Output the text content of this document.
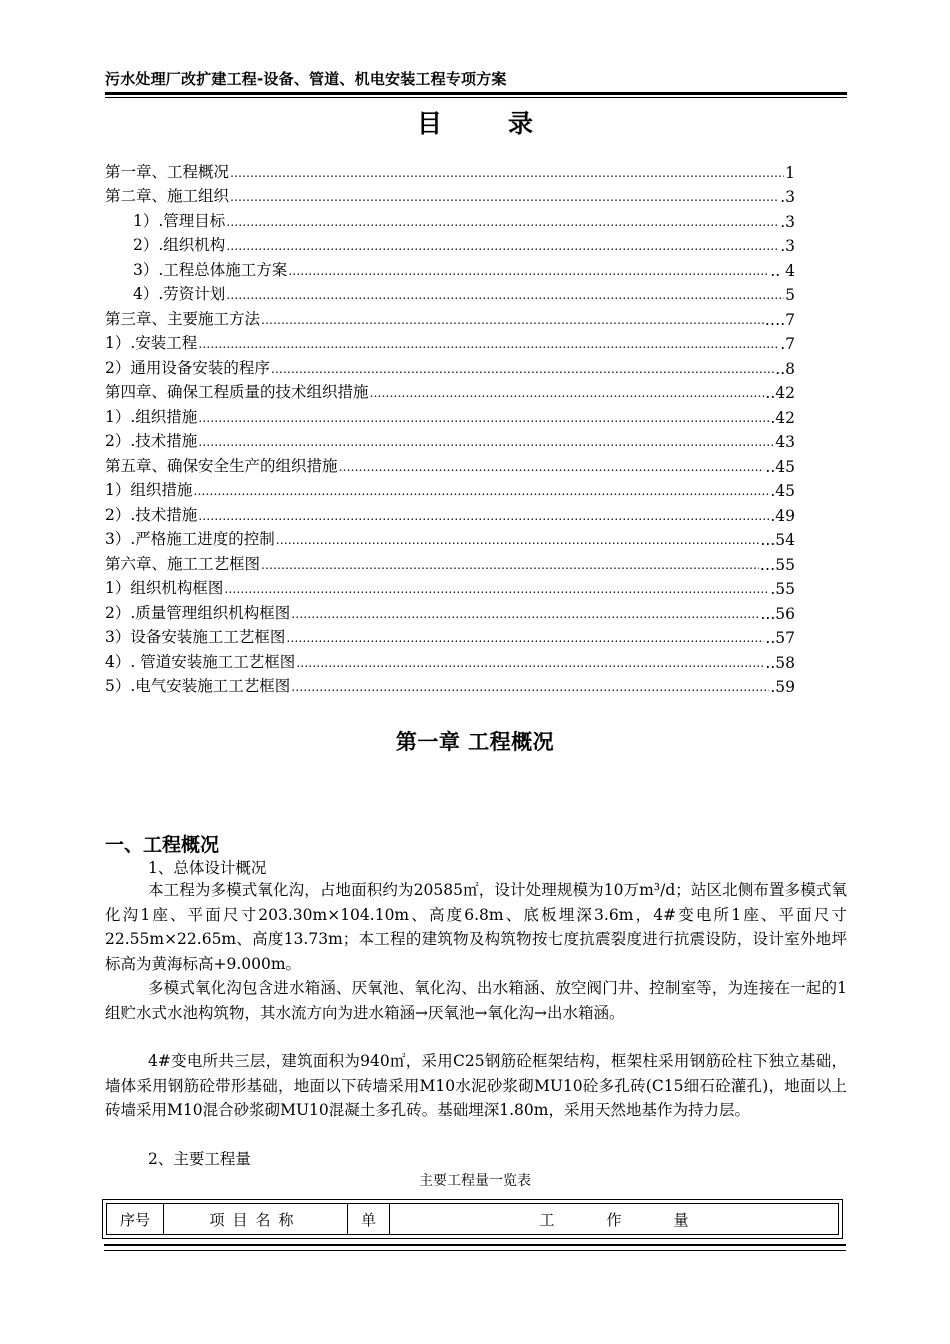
污水处理厂改扩建工程-设备、管道、机电安装工程专项方案
目录
第一章、工程概况 ………………………………………………………………………………………………………………………………………………………………………………	1
第二章、施工组织 ………………………………………………………………………………………………………………………………………………………………………………	.3
1）.管理目标 ………………………………………………………………………………………………………………………………………………………………………………	.3
2）.组织机构 ………………………………………………………………………………………………………………………………………………………………………………	.3
3）.工程总体施工方案 ………………………………………………………………………………………………………………………………………………………………………………	.. 4
4）.劳资计划 ………………………………………………………………………………………………………………………………………………………………………………	5
第三章、主要施工方法 ………………………………………………………………………………………………………………………………………………………………………………	….7
1）.安装工程 ………………………………………………………………………………………………………………………………………………………………………………	.7
2）通用设备安装的程序 ………………………………………………………………………………………………………………………………………………………………………………	..8
第四章、确保工程质量的技术组织措施 ………………………………………………………………………………………………………………………………………………………………………………	..42
1）.组织措施 ………………………………………………………………………………………………………………………………………………………………………………	.42
2）.技术措施 ………………………………………………………………………………………………………………………………………………………………………………	43
第五章、确保安全生产的组织措施 ………………………………………………………………………………………………………………………………………………………………………………	..45
1）组织措施 ………………………………………………………………………………………………………………………………………………………………………………	.45
2）.技术措施 ………………………………………………………………………………………………………………………………………………………………………………	.49
3）.严格施工进度的控制 ………………………………………………………………………………………………………………………………………………………………………………	...54
第六章、施工工艺框图 ………………………………………………………………………………………………………………………………………………………………………………	…55
1）组织机构框图 ………………………………………………………………………………………………………………………………………………………………………………	.55
2）.质量管理组织机构框图 ………………………………………………………………………………………………………………………………………………………………………………	...56
3）设备安装施工工艺框图 ………………………………………………………………………………………………………………………………………………………………………………	..57
4）. 管道安装施工工艺框图 ………………………………………………………………………………………………………………………………………………………………………………	..58
5）.电气安装施工工艺框图 ………………………………………………………………………………………………………………………………………………………………………………	.59
第一章 工程概况
一、工程概况
1、总体设计概况
本工程为多模式氧化沟，占地面积约为20585㎡，设计处理规模为10万m³/d；站区北侧布置多模式氧化沟1座、平面尺寸203.30m×104.10m、高度6.8m、底板埋深3.6m，4#变电所1座、平面尺寸22.55m×22.65m、高度13.73m；本工程的建筑物及构筑物按七度抗震裂度进行抗震设防，设计室外地坪标高为黄海标高+9.000m。
多模式氧化沟包含进水箱涵、厌氧池、氧化沟、出水箱涵、放空阀门井、控制室等，为连接在一起的1组贮水式水池构筑物，其水流方向为进水箱涵→厌氧池→氧化沟→出水箱涵。
4#变电所共三层，建筑面积为940㎡，采用C25钢筋砼框架结构，框架柱采用钢筋砼柱下独立基础，墙体采用钢筋砼带形基础，地面以下砖墙采用M10水泥砂浆砌MU10砼多孔砖(C15细石砼灌孔)，地面以上砖墙采用M10混合砂浆砌MU10混凝土多孔砖。基础埋深1.80m，采用天然地基作为持力层。
2、主要工程量
主要工程量一览表
序号	项目名称	单	工作量
